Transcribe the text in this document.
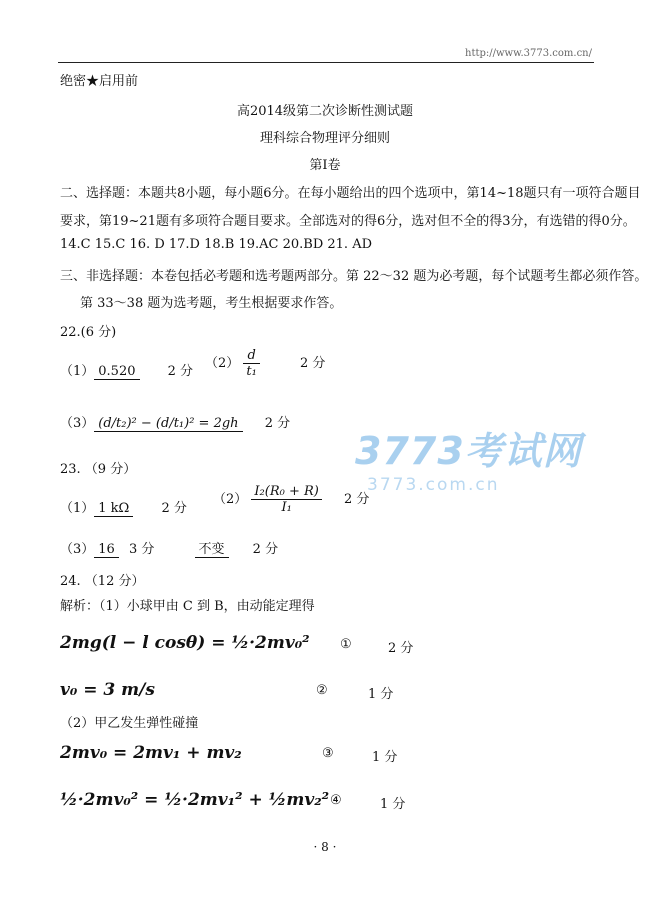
http://www.3773.com.cn/
绝密★启用前
高2014级第二次诊断性测试题
理科综合物理评分细则
第Ⅰ卷
二、选择题：本题共8小题，每小题6分。在每小题给出的四个选项中，第14~18题只有一项符合题目
要求，第19~21题有多项符合题目要求。全部选对的得6分，选对但不全的得3分，有选错的得0分。
14.C 15.C 16. D 17.D 18.B 19.AC 20.BD 21. AD
三、非选择题：本卷包括必考题和选考题两部分。第 22～32 题为必考题，每个试题考生都必须作答。
第 33～38 题为选考题，考生根据要求作答。
22.(6 分)
（1） 0.520 2 分
$(2) \frac{d}{\text{t₁}}$	2 分
（3） (d/t₂)² − (d/t₁)² = 2gh 2 分
23. （9 分）
（1） 1 kΩ 2 分
$(2) \frac{\text{I₂(R₀ + R)}}{\text{I₁}} 2$ 分
（3） 16 3 分	不变 2 分
24. （12 分）
解析：（1）小球甲由 C 到 B，由动能定理得
2mg(l − l cosθ) = ½·2mv₀² ①	2 分
v₀ = 3 m/s	②	1 分
（2）甲乙发生弹性碰撞
2mv₀ = 2mv₁ + mv₂	③	1 分
½·2mv₀² = ½·2mv₁² + ½mv₂² ④	1 分
3773考试网
3773.com.cn
· 8 ·
